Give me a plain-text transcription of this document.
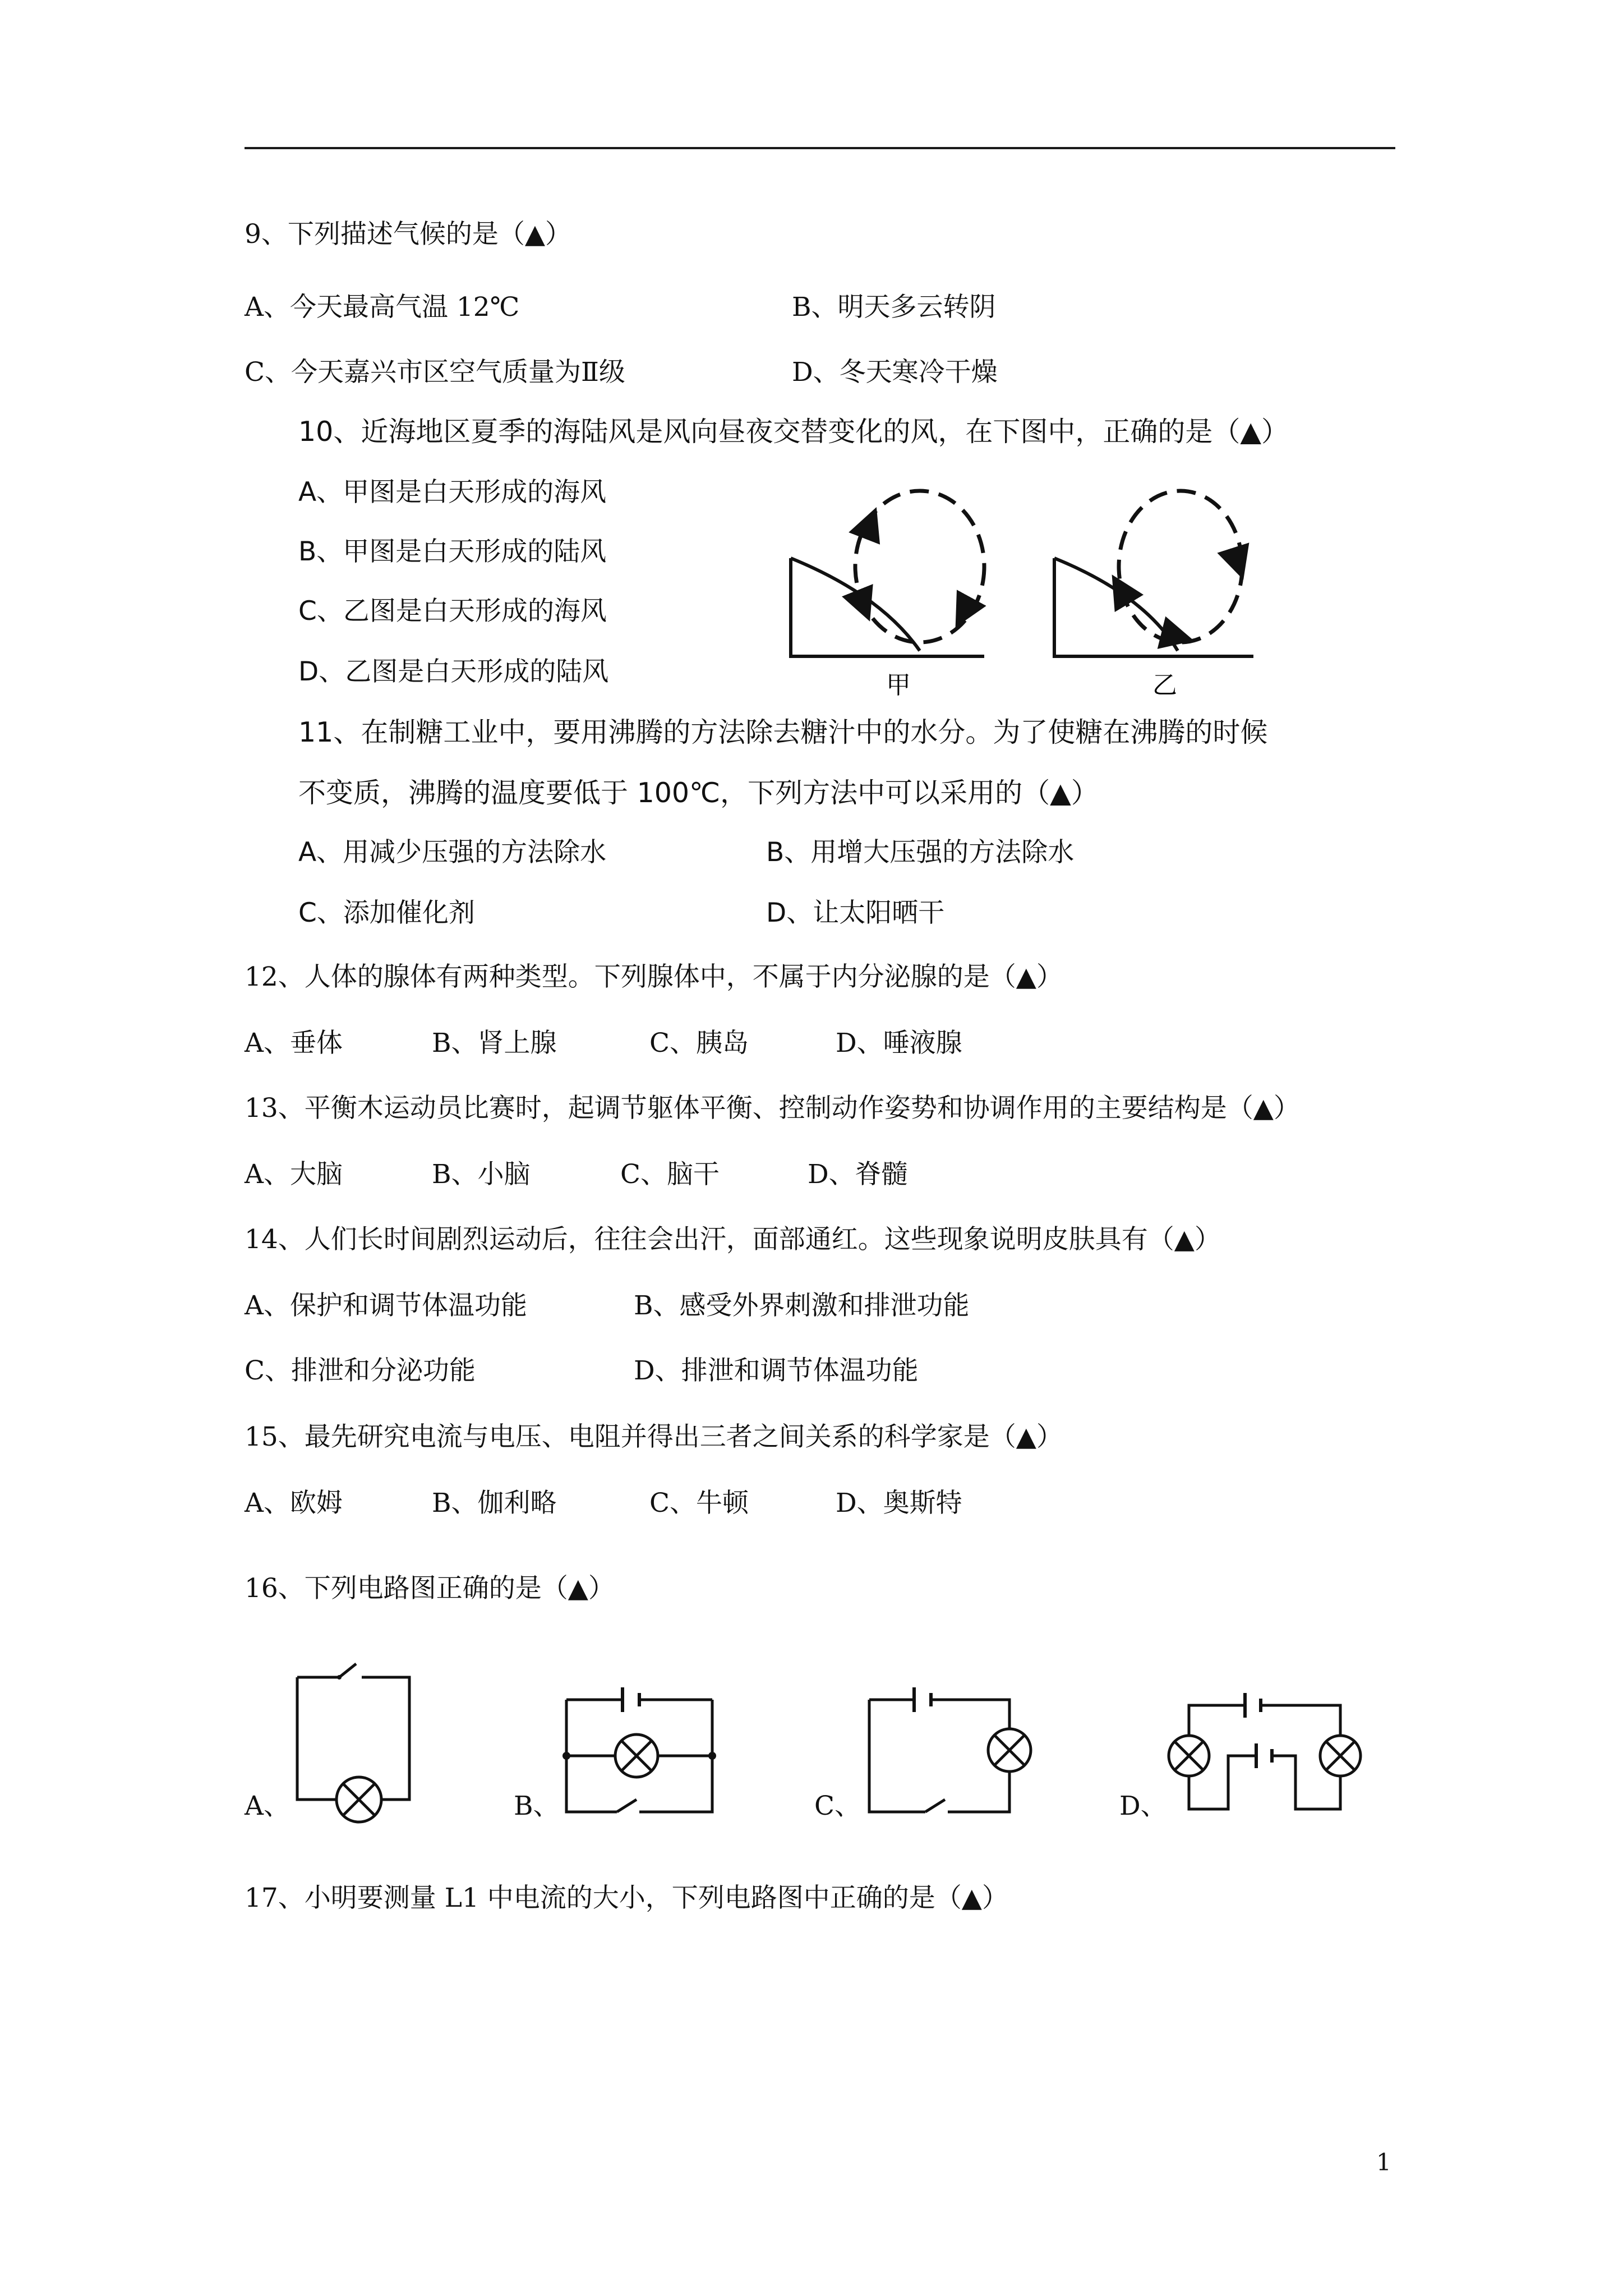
9、下列描述气候的是（▲）
A、今天最高气温 12℃	B、明天多云转阴
C、今天嘉兴市区空气质量为Ⅱ级	D、冬天寒冷干燥
10、近海地区夏季的海陆风是风向昼夜交替变化的风，在下图中，正确的是（▲）
A、甲图是白天形成的海风
B、甲图是白天形成的陆风
C、乙图是白天形成的海风
D、乙图是白天形成的陆风	甲	乙
11、在制糖工业中，要用沸腾的方法除去糖汁中的水分。为了使糖在沸腾的时候
不变质，沸腾的温度要低于 100℃，下列方法中可以采用的（▲）
A、用减少压强的方法除水	B、用增大压强的方法除水
C、添加催化剂	D、让太阳晒干
12、人体的腺体有两种类型。下列腺体中，不属于内分泌腺的是（▲）
A、垂体	B、肾上腺	C、胰岛	D、唾液腺
13、平衡木运动员比赛时，起调节躯体平衡、控制动作姿势和协调作用的主要结构是（▲）
A、大脑	B、小脑	C、脑干	D、脊髓
14、人们长时间剧烈运动后，往往会出汗，面部通红。这些现象说明皮肤具有（▲）
A、保护和调节体温功能	B、感受外界刺激和排泄功能
C、排泄和分泌功能	D、排泄和调节体温功能
15、最先研究电流与电压、电阻并得出三者之间关系的科学家是（▲）
A、欧姆	B、伽利略	C、牛顿	D、奥斯特
16、下列电路图正确的是（▲）
A、	B、	C、	D、
17、小明要测量 L1 中电流的大小，下列电路图中正确的是（▲）
1
